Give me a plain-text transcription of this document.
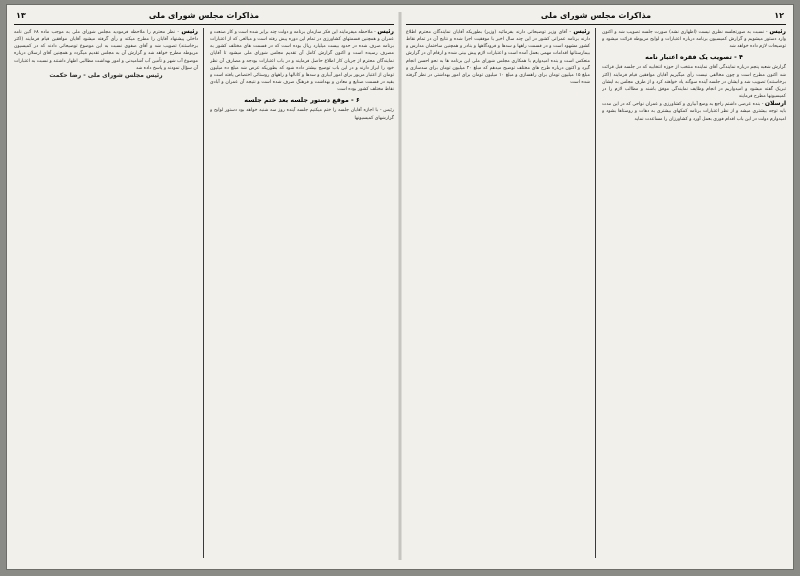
مذاکرات مجلس شورای ملی
۱۳

رئیس - ملاحظه میفرمایند این فکر سازمان برنامه و دولت چند برابر شده است و کار صنعت و عمران و همچنین قسمتهای کشاورزی در تمام این دوره پیش رفته است و مبالغی که از اعتبارات برنامه صرف شده در حدود بیست میلیارد ریال بوده است که در قسمت های مختلف کشور به مصرف رسیده است و اکنون گزارش کامل آن تقدیم مجلس شورای ملی میشود تا آقایان نمایندگان محترم از جریان کار اطلاع حاصل فرمایند و در باب اعتبارات بودجه و مصارف آن نظر خود را ابراز دارند و در این باب توضیح بیشتر داده شود که بطوریکه عرض شد مبلغ ده میلیون تومان از اعتبار مزبور برای امور آبیاری و سدها و کانالها و راههای روستائی اختصاص یافته است و بقیه در قسمت صنایع و معادن و بهداشت و فرهنگ صرف شده است و نتیجه آن عمران و آبادی نقاط مختلف کشور بوده است

۶ - موقع دستور جلسه بعد ختم جلسه

رئیس - با اجازه آقایان جلسه را ختم میکنیم جلسه آینده روز سه شنبه خواهد بود دستور لوایح و گزارشهای کمیسیونها

رئیس - نظر محترم را ملاحظه فرمودید مجلس شورای ملی به موجب ماده ۶۸ آئین نامه داخلی پیشنهاد آقایان را مطرح میکند و رأی گرفته میشود آقایان موافقین قیام فرمایند (اکثر برخاستند) تصویب شد و آقای صفوی نسبت به این موضوع توضیحاتی دادند که در کمیسیون مربوطه مطرح خواهد شد و گزارش آن به مجلس تقدیم میگردد و همچنین آقای ارسلان درباره موضوع آب شهر و تأمین آب آشامیدنی و امور بهداشت مطالبی اظهار داشتند و نسبت به اعتبارات آن سؤال نمودند و پاسخ داده شد

رئیس مجلس شورای ملی - رضا حکمت

مذاکرات مجلس شورای ملی	۱۲

رئیس - نسبت به صورتجلسه نظری نیست (اظهاری نشد) صورت جلسه تصویب شد و اکنون وارد دستور میشویم و گزارش کمیسیون برنامه درباره اعتبارات و لوایح مربوطه قرائت میشود و توضیحات لازم داده خواهد شد

۴ - تصویب یک فقره اعتبار نامه

گزارش شعبه پنجم درباره نمایندگی آقای نماینده منتخب از حوزه انتخابیه که در جلسه قبل قرائت شد اکنون مطرح است و چون مخالفی نیست رأی میگیریم آقایان موافقین قیام فرمایند (اکثر برخاستند) تصویب شد و ایشان در جلسه آینده سوگند یاد خواهند کرد و از طرف مجلس به ایشان تبریک گفته میشود و امیدواریم در انجام وظایف نمایندگی موفق باشند و مطالب لازم را در کمیسیونها مطرح فرمایند

ارسلان - بنده عرضی داشتم راجع به وضع آبیاری و کشاورزی و عمران نواحی که در این مدت باید توجه بیشتری میشد و از نظر اعتبارات برنامه کمکهای بیشتری به دهات و روستاها بشود و امیدوارم دولت در این باب اقدام فوری بعمل آورد و کشاورزان را مساعدت نماید

رئیس - آقای وزیر توضیحاتی دارند بفرمائید (وزیر) بطوریکه آقایان نمایندگان محترم اطلاع دارند برنامه عمرانی کشور در این چند سال اخیر با موفقیت اجرا شده و نتایج آن در تمام نقاط کشور مشهود است و در قسمت راهها و سدها و فرودگاهها و بنادر و همچنین ساختمان مدارس و بیمارستانها اقدامات مهمی بعمل آمده است و اعتبارات لازم پیش بینی شده و ارقام آن در گزارش منعکس است و بنده امیدوارم با همکاری مجلس شورای ملی این برنامه ها به نحو احسن انجام گیرد و اکنون درباره طرح های مختلف توضیح میدهم که مبلغ ۲۰ میلیون تومان برای سدسازی و مبلغ ۱۵ میلیون تومان برای راهسازی و مبلغ ۱۰ میلیون تومان برای امور بهداشتی در نظر گرفته شده است
